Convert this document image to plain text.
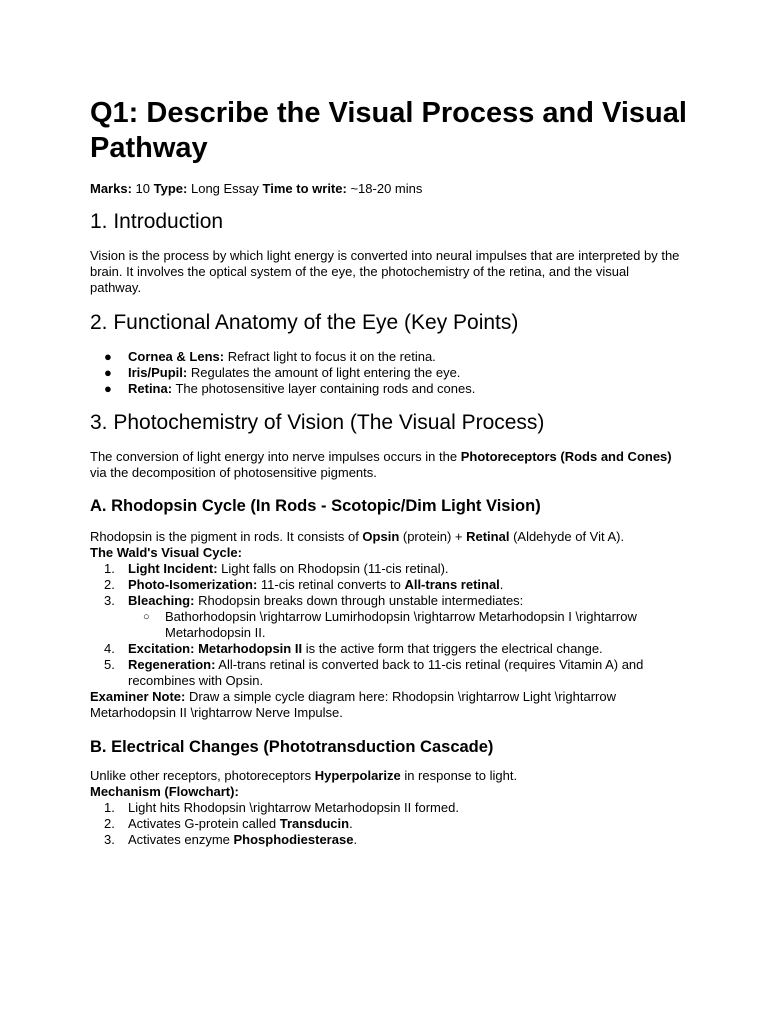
Q1: Describe the Visual Process and Visual Pathway
Marks: 10 Type: Long Essay Time to write: ~18-20 mins
1. Introduction

Vision is the process by which light energy is converted into neural impulses that are interpreted by the brain. It involves the optical system of the eye, the photochemistry of the retina, and the visual pathway.

2. Functional Anatomy of the Eye (Key Points)
● Cornea & Lens: Refract light to focus it on the retina.
● Iris/Pupil: Regulates the amount of light entering the eye.
● Retina: The photosensitive layer containing rods and cones.
3. Photochemistry of Vision (The Visual Process)

The conversion of light energy into nerve impulses occurs in the Photoreceptors (Rods and Cones) via the decomposition of photosensitive pigments.

A. Rhodopsin Cycle (In Rods - Scotopic/Dim Light Vision)

Rhodopsin is the pigment in rods. It consists of Opsin (protein) + Retinal (Aldehyde of Vit A).

The Wald's Visual Cycle:

1.	Light Incident: Light falls on Rhodopsin (11-cis retinal).
2.	Photo-Isomerization: 11-cis retinal converts to All-trans retinal.
3.	Bleaching: Rhodopsin breaks down through unstable intermediates:
○ Bathorhodopsin \rightarrow Lumirhodopsin \rightarrow Metarhodopsin I \rightarrow Metarhodopsin II.
4.	Excitation: Metarhodopsin II is the active form that triggers the electrical change.
5.	Regeneration: All-trans retinal is converted back to 11-cis retinal (requires Vitamin A) and recombines with Opsin.

Examiner Note: Draw a simple cycle diagram here: Rhodopsin \rightarrow Light \rightarrow Metarhodopsin II \rightarrow Nerve Impulse.

B. Electrical Changes (Phototransduction Cascade)

Unlike other receptors, photoreceptors Hyperpolarize in response to light.

Mechanism (Flowchart):

1.	Light hits Rhodopsin \rightarrow Metarhodopsin II formed.
2.	Activates G-protein called Transducin.
3.	Activates enzyme Phosphodiesterase.
